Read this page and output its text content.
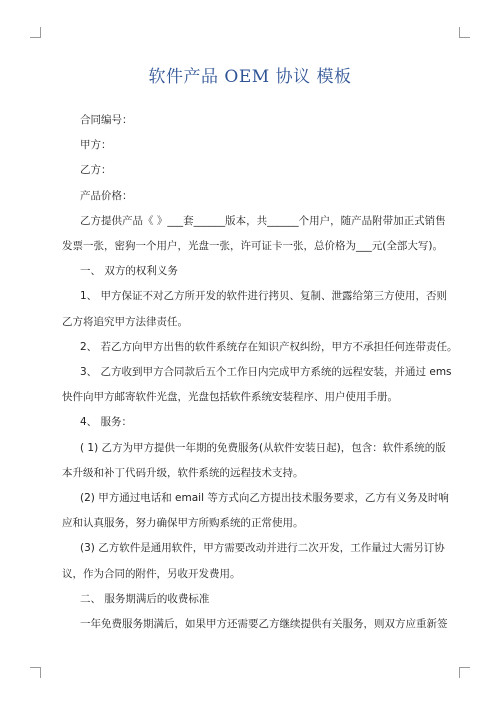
软件产品 OEM 协议 模板

合同编号：

甲方：

乙方：

产品价格：

乙方提供产品《 》___套______版本，共______个用户，随产品附带加正式销售
发票一张，密狗一个用户，光盘一张，许可证卡一张，总价格为___元(全部大写)。

一、 双方的权利义务

1、 甲方保证不对乙方所开发的软件进行拷贝、复制、泄露给第三方使用，否则
乙方将追究甲方法律责任。

2、 若乙方向甲方出售的软件系统存在知识产权纠纷，甲方不承担任何连带责任。

3、 乙方收到甲方合同款后五个工作日内完成甲方系统的远程安装，并通过 ems
快件向甲方邮寄软件光盘，光盘包括软件系统安装程序、用户使用手册。

4、 服务：

( 1) 乙方为甲方提供一年期的免费服务(从软件安装日起)，包含：软件系统的版
本升级和补丁代码升级，软件系统的远程技术支持。

(2) 甲方通过电话和 email 等方式向乙方提出技术服务要求，乙方有义务及时响
应和认真服务，努力确保甲方所购系统的正常使用。

(3) 乙方软件是通用软件，甲方需要改动并进行二次开发，工作量过大需另订协
议，作为合同的附件，另收开发费用。

二、 服务期满后的收费标准

一年免费服务期满后，如果甲方还需要乙方继续提供有关服务，则双方应重新签
